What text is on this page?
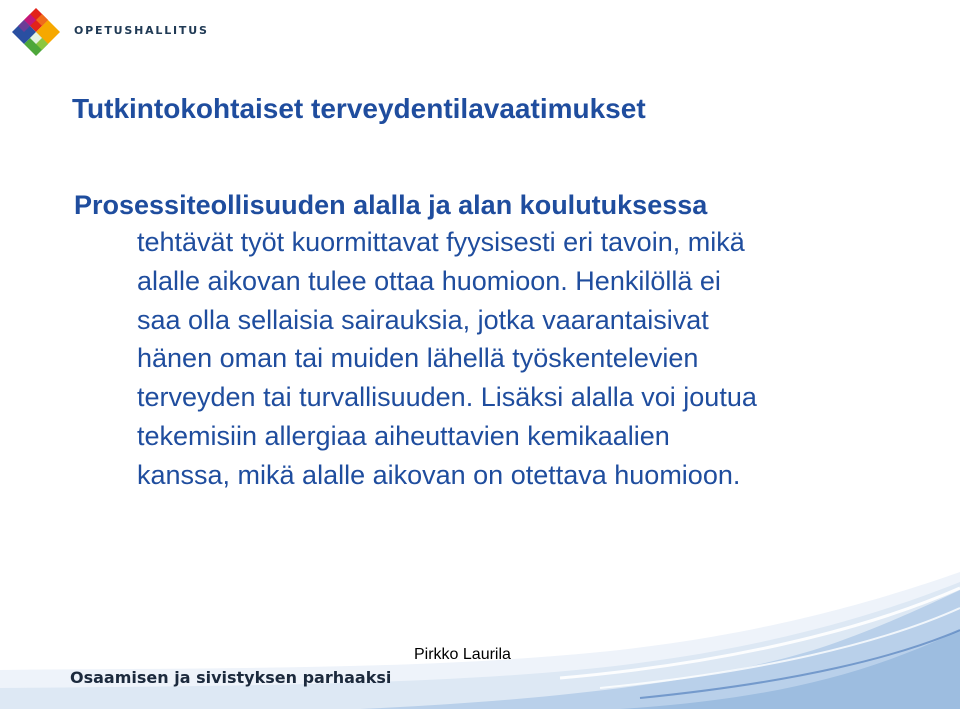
OPETUSHALLITUS
Tutkintokohtaiset terveydentilavaatimukset

Prosessiteollisuuden alalla ja alan koulutuksessa

tehtävät työt kuormittavat fyysisesti eri tavoin, mikä
alalle aikovan tulee ottaa huomioon. Henkilöllä ei
saa olla sellaisia sairauksia, jotka vaarantaisivat
hänen oman tai muiden lähellä työskentelevien
terveyden tai turvallisuuden. Lisäksi alalla voi joutua
tekemisiin allergiaa aiheuttavien kemikaalien
kanssa, mikä alalle aikovan on otettava huomioon.

Osaamisen ja sivistyksen parhaaksi
Pirkko Laurila
